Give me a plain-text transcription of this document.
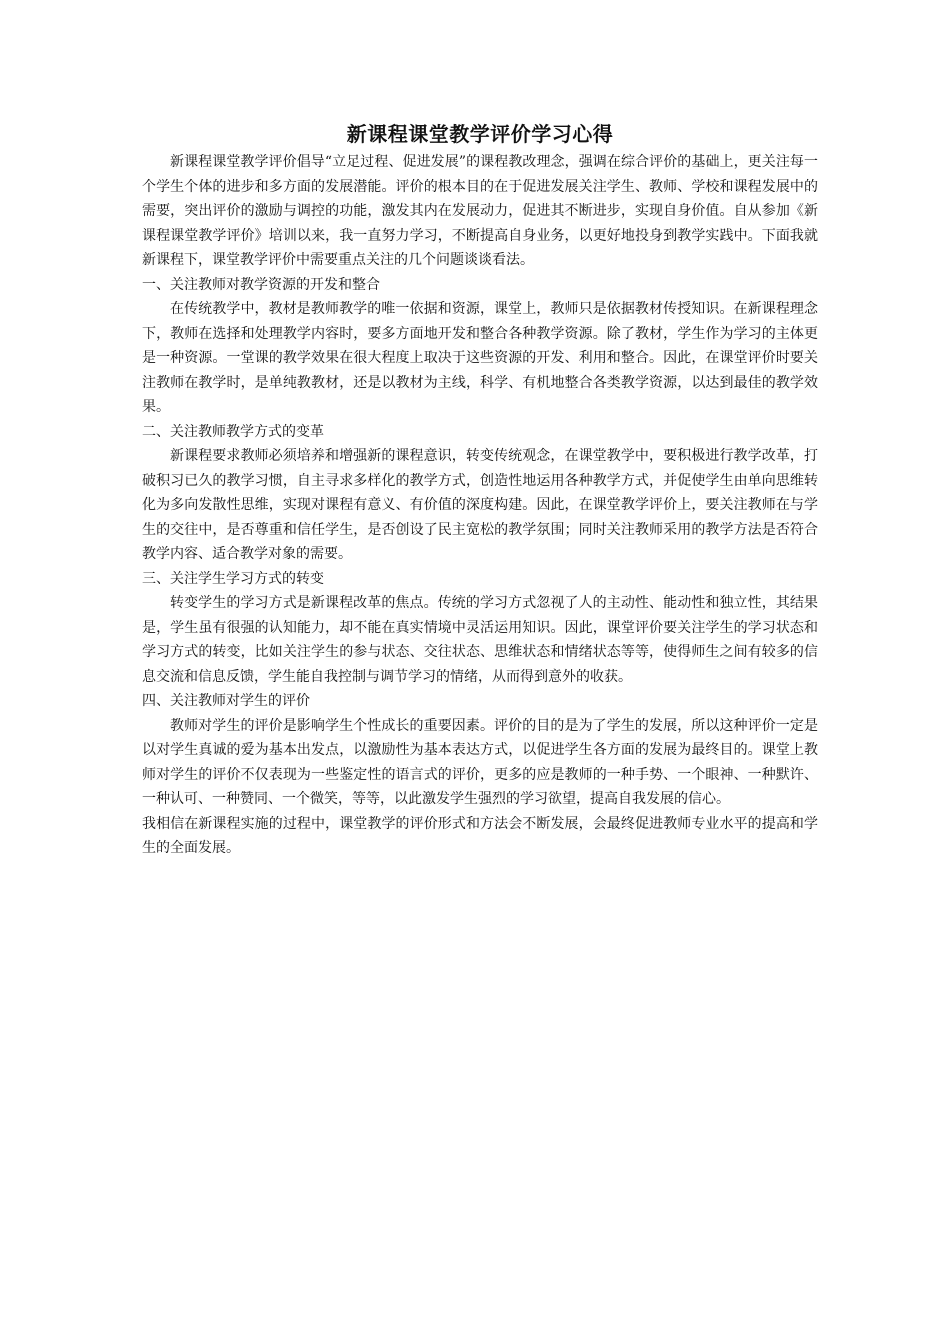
新课程课堂教学评价学习心得

新课程课堂教学评价倡导“立足过程、促进发展”的课程教改理念，强调在综合评价的基础上，更关注每一个学生个体的进步和多方面的发展潜能。评价的根本目的在于促进发展关注学生、教师、学校和课程发展中的需要，突出评价的激励与调控的功能，激发其内在发展动力，促进其不断进步，实现自身价值。自从参加《新课程课堂教学评价》培训以来，我一直努力学习，不断提高自身业务，以更好地投身到教学实践中。下面我就新课程下，课堂教学评价中需要重点关注的几个问题谈谈看法。

一、关注教师对教学资源的开发和整合

在传统教学中，教材是教师教学的唯一依据和资源，课堂上，教师只是依据教材传授知识。在新课程理念下，教师在选择和处理教学内容时，要多方面地开发和整合各种教学资源。除了教材，学生作为学习的主体更是一种资源。一堂课的教学效果在很大程度上取决于这些资源的开发、利用和整合。因此，在课堂评价时要关注教师在教学时，是单纯教教材，还是以教材为主线，科学、有机地整合各类教学资源，以达到最佳的教学效果。

二、关注教师教学方式的变革

新课程要求教师必须培养和增强新的课程意识，转变传统观念，在课堂教学中，要积极进行教学改革，打破积习已久的教学习惯，自主寻求多样化的教学方式，创造性地运用各种教学方式，并促使学生由单向思维转化为多向发散性思维，实现对课程有意义、有价值的深度构建。因此，在课堂教学评价上，要关注教师在与学生的交往中，是否尊重和信任学生，是否创设了民主宽松的教学氛围；同时关注教师采用的教学方法是否符合教学内容、适合教学对象的需要。

三、关注学生学习方式的转变

转变学生的学习方式是新课程改革的焦点。传统的学习方式忽视了人的主动性、能动性和独立性，其结果是，学生虽有很强的认知能力，却不能在真实情境中灵活运用知识。因此，课堂评价要关注学生的学习状态和学习方式的转变，比如关注学生的参与状态、交往状态、思维状态和情绪状态等等，使得师生之间有较多的信息交流和信息反馈，学生能自我控制与调节学习的情绪，从而得到意外的收获。

四、关注教师对学生的评价

教师对学生的评价是影响学生个性成长的重要因素。评价的目的是为了学生的发展，所以这种评价一定是以对学生真诚的爱为基本出发点，以激励性为基本表达方式，以促进学生各方面的发展为最终目的。课堂上教师对学生的评价不仅表现为一些鉴定性的语言式的评价，更多的应是教师的一种手势、一个眼神、一种默许、一种认可、一种赞同、一个微笑，等等，以此激发学生强烈的学习欲望，提高自我发展的信心。

我相信在新课程实施的过程中，课堂教学的评价形式和方法会不断发展，会最终促进教师专业水平的提高和学生的全面发展。
